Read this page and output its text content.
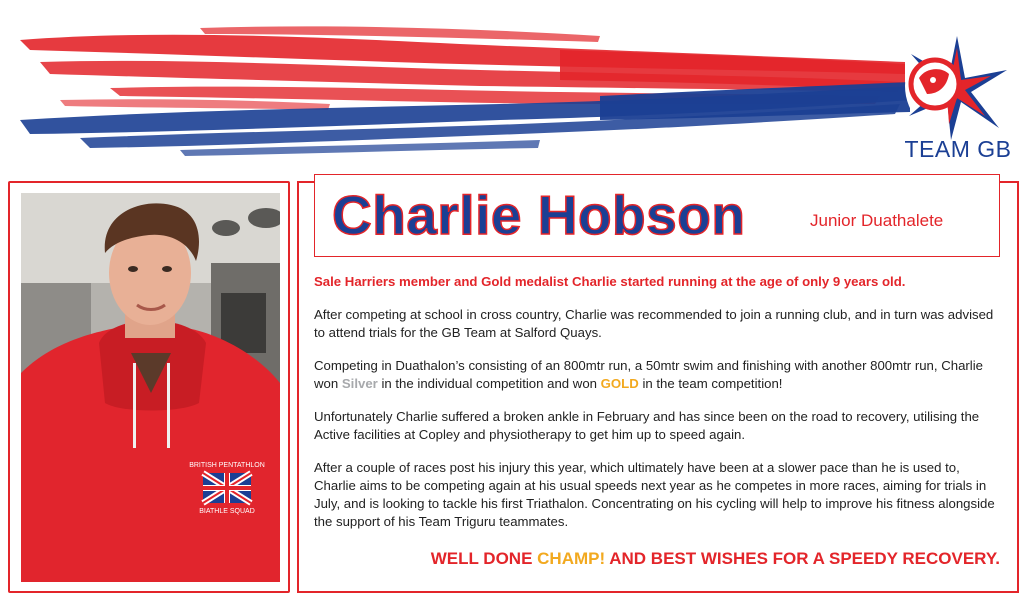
TEAM GB
BRITISH PENTATHLON
BIATHLE SQUAD
Charlie Hobson	Junior Duathalete

Sale Harriers member and Gold medalist Charlie started running at the age of only 9 years old.

After competing at school in cross country, Charlie was recommended to join a running club, and in turn was advised to attend trials for the GB Team at Salford Quays.

Competing in Duathalon’s consisting of an 800mtr run, a 50mtr swim and finishing with another 800mtr run, Charlie won Silver in the individual competition and won GOLD in the team competition!

Unfortunately Charlie suffered a broken ankle in February and has since been on the road to recovery, utilising the Active facilities at Copley and physiotherapy to get him up to speed again.

After a couple of races post his injury this year, which ultimately have been at a slower pace than he is used to, Charlie aims to be competing again at his usual speeds next year as he competes in more races, aiming for trials in July, and is looking to tackle his first Triathalon. Concentrating on his cycling will help to improve his fitness alongside the support of his Team Triguru teammates.

WELL DONE CHAMP! AND BEST WISHES FOR A SPEEDY RECOVERY.
